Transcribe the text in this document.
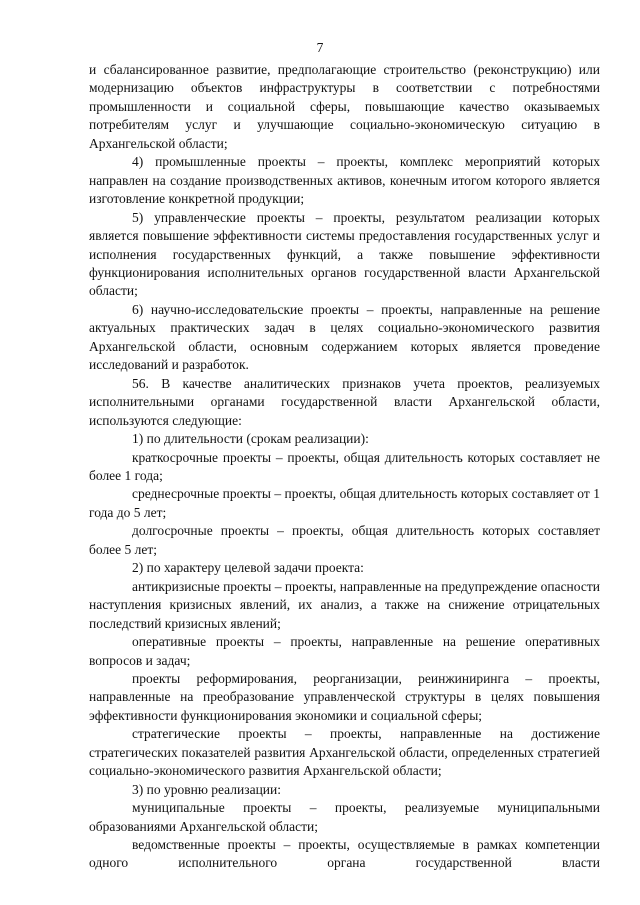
7

и сбалансированное развитие, предполагающие строительство (реконструкцию) или модернизацию объектов инфраструктуры в соответствии с потребностями промышленности и социальной сферы, повышающие качество оказываемых потребителям услуг и улучшающие социально-экономическую ситуацию в Архангельской области;

4) промышленные проекты – проекты, комплекс мероприятий которых направлен на создание производственных активов, конечным итогом которого является изготовление конкретной продукции;

5) управленческие проекты – проекты, результатом реализации которых является повышение эффективности системы предоставления государственных услуг и исполнения государственных функций, а также повышение эффективности функционирования исполнительных органов государственной власти Архангельской области;

6) научно-исследовательские проекты – проекты, направленные на решение актуальных практических задач в целях социально-экономического развития Архангельской области, основным содержанием которых является проведение исследований и разработок.

56. В качестве аналитических признаков учета проектов, реализуемых исполнительными органами государственной власти Архангельской области, используются следующие:

1) по длительности (срокам реализации):

краткосрочные проекты – проекты, общая длительность которых составляет не более 1 года;

среднесрочные проекты – проекты, общая длительность которых составляет от 1 года до 5 лет;

долгосрочные проекты – проекты, общая длительность которых составляет более 5 лет;

2) по характеру целевой задачи проекта:

антикризисные проекты – проекты, направленные на предупреждение опасности наступления кризисных явлений, их анализ, а также на снижение отрицательных последствий кризисных явлений;

оперативные проекты – проекты, направленные на решение оперативных вопросов и задач;

проекты реформирования, реорганизации, реинжиниринга – проекты, направленные на преобразование управленческой структуры в целях повышения эффективности функционирования экономики и социальной сферы;

стратегические проекты – проекты, направленные на достижение стратегических показателей развития Архангельской области, определенных стратегией социально-экономического развития Архангельской области;

3) по уровню реализации:

муниципальные проекты – проекты, реализуемые муниципальными образованиями Архангельской области;

ведомственные проекты – проекты, осуществляемые в рамках компетенции одного исполнительного органа государственной власти
